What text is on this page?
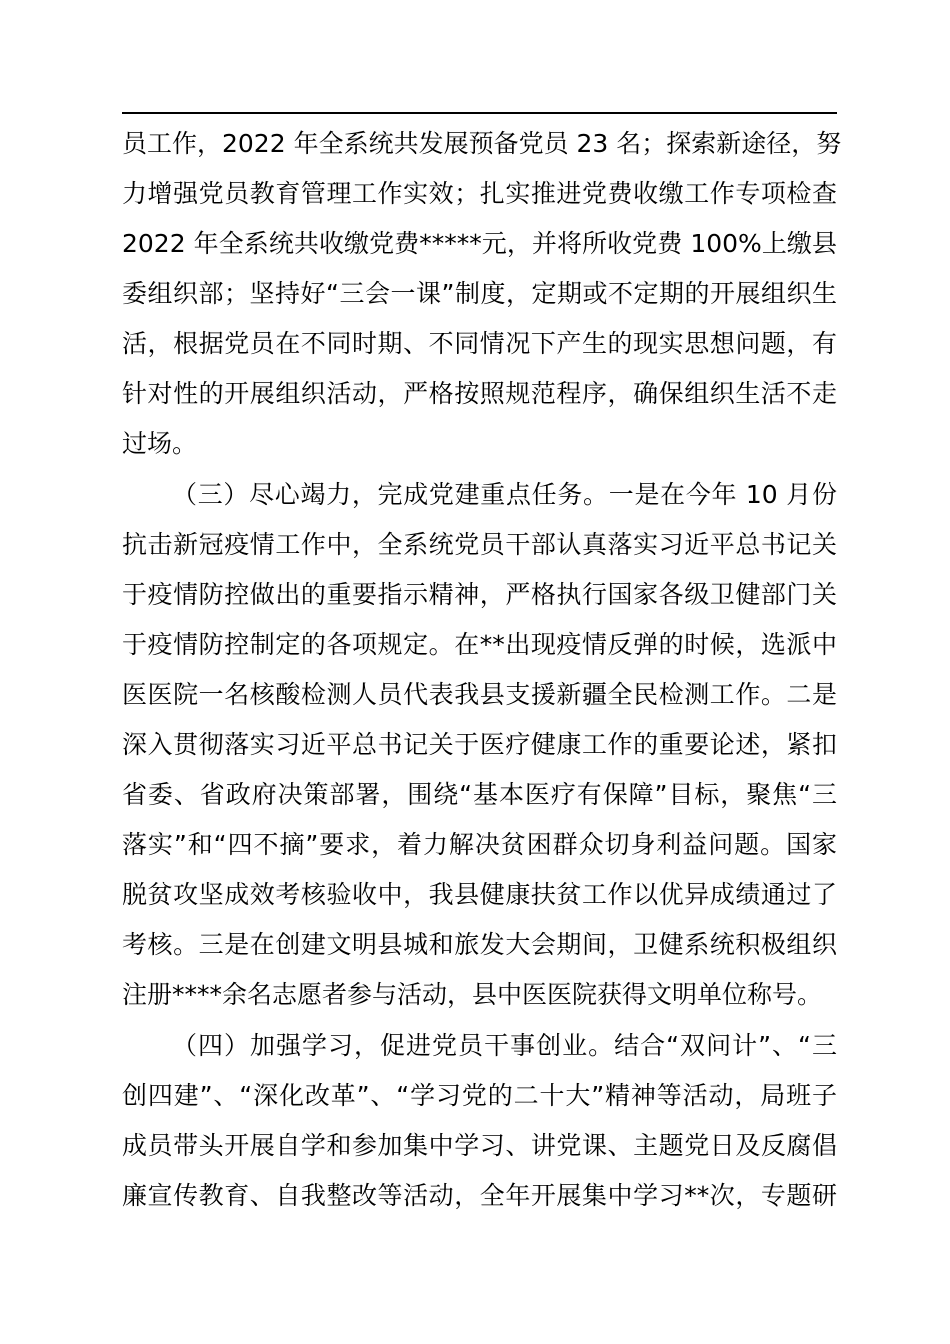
员工作，2022 年全系统共发展预备党员 23 名；探索新途径，努
力增强党员教育管理工作实效；扎实推进党费收缴工作专项检查
2022 年全系统共收缴党费*****元，并将所收党费 100%上缴县
委组织部；坚持好“三会一课”制度，定期或不定期的开展组织生
活，根据党员在不同时期、不同情况下产生的现实思想问题，有
针对性的开展组织活动，严格按照规范程序，确保组织生活不走
过场。
（三）尽心竭力，完成党建重点任务。一是在今年 10 月份
抗击新冠疫情工作中，全系统党员干部认真落实习近平总书记关
于疫情防控做出的重要指示精神，严格执行国家各级卫健部门关
于疫情防控制定的各项规定。在**出现疫情反弹的时候，选派中
医医院一名核酸检测人员代表我县支援新疆全民检测工作。二是
深入贯彻落实习近平总书记关于医疗健康工作的重要论述，紧扣
省委、省政府决策部署，围绕“基本医疗有保障”目标，聚焦“三
落实”和“四不摘”要求，着力解决贫困群众切身利益问题。国家
脱贫攻坚成效考核验收中，我县健康扶贫工作以优异成绩通过了
考核。三是在创建文明县城和旅发大会期间，卫健系统积极组织
注册****余名志愿者参与活动，县中医医院获得文明单位称号。
（四）加强学习，促进党员干事创业。结合“双问计”、“三
创四建”、“深化改革”、“学习党的二十大”精神等活动，局班子
成员带头开展自学和参加集中学习、讲党课、主题党日及反腐倡
廉宣传教育、自我整改等活动，全年开展集中学习**次，专题研
